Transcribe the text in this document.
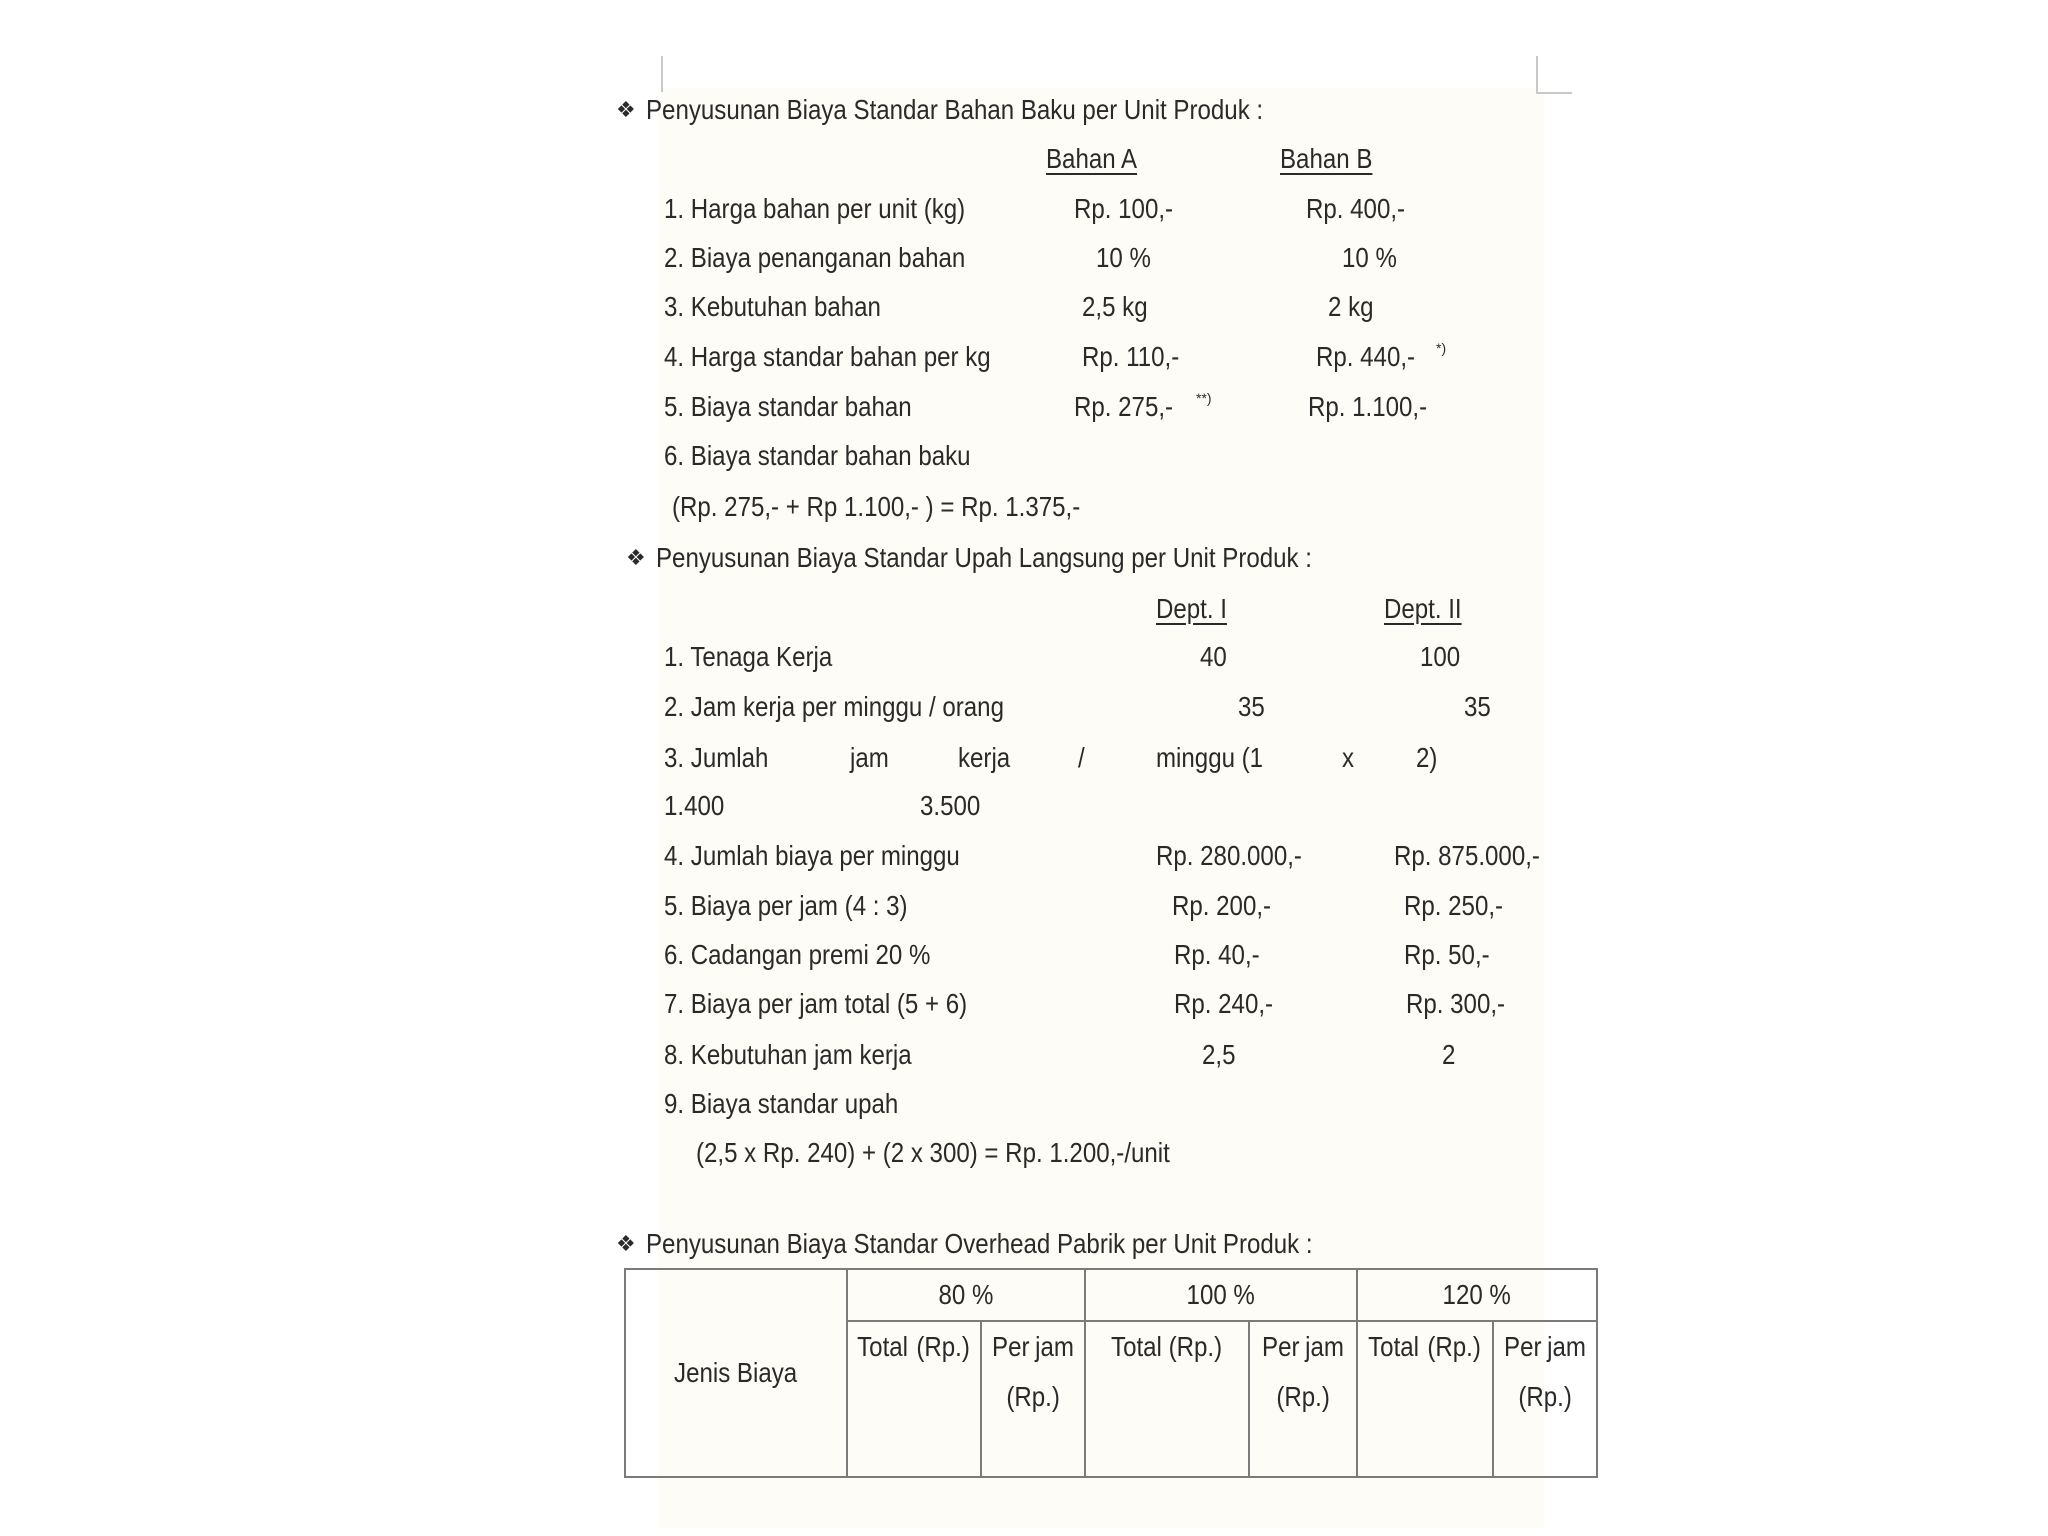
❖ Penyusunan Biaya Standar Bahan Baku per Unit Produk :
Bahan A	Bahan B
1. Harga bahan per unit (kg)	Rp. 100,-	Rp. 400,-
2. Biaya penanganan bahan	10 %	10 %
3. Kebutuhan bahan	2,5 kg	2 kg
4. Harga standar bahan per kg	Rp. 110,-	Rp. 440,- *)
5. Biaya standar bahan	Rp. 275,- **)	Rp. 1.100,-
6. Biaya standar bahan baku
(Rp. 275,- + Rp 1.100,- ) = Rp. 1.375,-
❖ Penyusunan Biaya Standar Upah Langsung per Unit Produk :
Dept. I	Dept. II
1. Tenaga Kerja	40	100
2. Jam kerja per minggu / orang	35	35
3. Jumlah	jam kerja /	minggu (1	x 2)
1.400	3.500
4. Jumlah biaya per minggu	Rp. 280.000,-	Rp. 875.000,-
5. Biaya per jam (4 : 3)	Rp. 200,-	Rp. 250,-
6. Cadangan premi 20 %	Rp. 40,-	Rp. 50,-
7. Biaya per jam total (5 + 6)	Rp. 240,-	Rp. 300,-
8. Kebutuhan jam kerja	2,5	2
9. Biaya standar upah
(2,5 x Rp. 240) + (2 x 300) = Rp. 1.200,-/unit
❖ Penyusunan Biaya Standar Overhead Pabrik per Unit Produk :
Jenis Biaya	80 %		100 %		120 %	
	Total (Rp.)	Per jam(Rp.)	Total (Rp.)	Per jam(Rp.)	Total (Rp.)	Per jam(Rp.)
